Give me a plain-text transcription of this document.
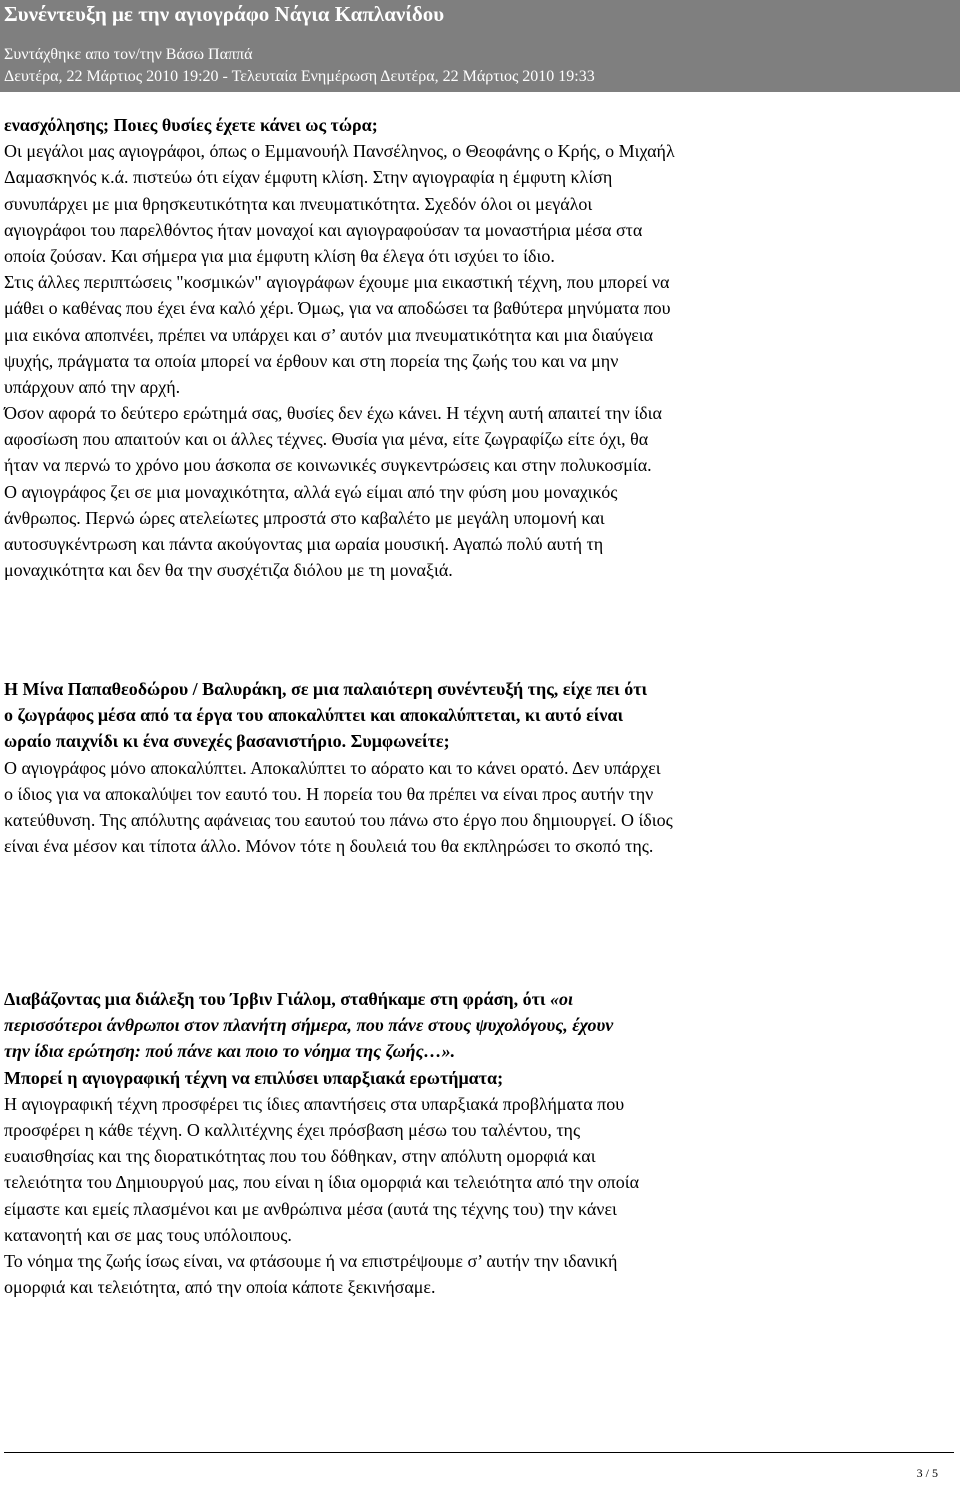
Συνέντευξη με την αγιογράφο Νάγια Καπλανίδου
Συντάχθηκε απο τον/την Βάσω Παππά
Δευτέρα, 22 Μάρτιος 2010 19:20 - Τελευταία Ενημέρωση Δευτέρα, 22 Μάρτιος 2010 19:33
ενασχόλησης; Ποιες θυσίες έχετε κάνει ως τώρα;
Οι μεγάλοι μας αγιογράφοι, όπως ο Εμμανουήλ Πανσέληνος, ο Θεοφάνης ο Κρής, ο Μιχαήλ
Δαμασκηνός κ.ά. πιστεύω ότι είχαν έμφυτη κλίση. Στην αγιογραφία η έμφυτη κλίση
συνυπάρχει με μια θρησκευτικότητα και πνευματικότητα. Σχεδόν όλοι οι μεγάλοι
αγιογράφοι του παρελθόντος ήταν μοναχοί και αγιογραφούσαν τα μοναστήρια μέσα στα
οποία ζούσαν. Και σήμερα για μια έμφυτη κλίση θα έλεγα ότι ισχύει το ίδιο.
Στις άλλες περιπτώσεις "κοσμικών" αγιογράφων έχουμε μια εικαστική τέχνη, που μπορεί να
μάθει ο καθένας που έχει ένα καλό χέρι. Όμως, για να αποδώσει τα βαθύτερα μηνύματα που
μια εικόνα αποπνέει, πρέπει να υπάρχει και σ’ αυτόν μια πνευματικότητα και μια διαύγεια
ψυχής, πράγματα τα οποία μπορεί να έρθουν και στη πορεία της ζωής του και να μην
υπάρχουν από την αρχή.
Όσον αφορά το δεύτερο ερώτημά σας, θυσίες δεν έχω κάνει. Η τέχνη αυτή απαιτεί την ίδια
αφοσίωση που απαιτούν και οι άλλες τέχνες. Θυσία για μένα, είτε ζωγραφίζω είτε όχι, θα
ήταν να περνώ το χρόνο μου άσκοπα σε κοινωνικές συγκεντρώσεις και στην πολυκοσμία.
Ο αγιογράφος ζει σε μια μοναχικότητα, αλλά εγώ είμαι από την φύση μου μοναχικός
άνθρωπος. Περνώ ώρες ατελείωτες μπροστά στο καβαλέτο με μεγάλη υπομονή και
αυτοσυγκέντρωση και πάντα ακούγοντας μια ωραία μουσική. Αγαπώ πολύ αυτή τη
μοναχικότητα και δεν θα την συσχέτιζα διόλου με τη μοναξιά.
Η Μίνα Παπαθεοδώρου / Βαλυράκη, σε μια παλαιότερη συνέντευξή της, είχε πει ότι
ο ζωγράφος μέσα από τα έργα του αποκαλύπτει και αποκαλύπτεται, κι αυτό είναι
ωραίο παιχνίδι κι ένα συνεχές βασανιστήριο. Συμφωνείτε;
Ο αγιογράφος μόνο αποκαλύπτει. Αποκαλύπτει το αόρατο και το κάνει ορατό. Δεν υπάρχει
ο ίδιος για να αποκαλύψει τον εαυτό του. Η πορεία του θα πρέπει να είναι προς αυτήν την
κατεύθυνση. Της απόλυτης αφάνειας του εαυτού του πάνω στο έργο που δημιουργεί. Ο ίδιος
είναι ένα μέσον και τίποτα άλλο. Μόνον τότε η δουλειά του θα εκπληρώσει το σκοπό της.
Διαβάζοντας μια διάλεξη του Ίρβιν Γιάλομ, σταθήκαμε στη φράση, ότι «οι
περισσότεροι άνθρωποι στον πλανήτη σήμερα, που πάνε στους ψυχολόγους, έχουν
την ίδια ερώτηση: πού πάνε και ποιο το νόημα της ζωής…».
Μπορεί η αγιογραφική τέχνη να επιλύσει υπαρξιακά ερωτήματα;
Η αγιογραφική τέχνη προσφέρει τις ίδιες απαντήσεις στα υπαρξιακά προβλήματα που
προσφέρει η κάθε τέχνη. Ο καλλιτέχνης έχει πρόσβαση μέσω του ταλέντου, της
ευαισθησίας και της διορατικότητας που του δόθηκαν, στην απόλυτη ομορφιά και
τελειότητα του Δημιουργού μας, που είναι η ίδια ομορφιά και τελειότητα από την οποία
είμαστε και εμείς πλασμένοι και με ανθρώπινα μέσα (αυτά της τέχνης του) την κάνει
κατανοητή και σε μας τους υπόλοιπους.
Το νόημα της ζωής ίσως είναι, να φτάσουμε ή να επιστρέψουμε σ’ αυτήν την ιδανική
ομορφιά και τελειότητα, από την οποία κάποτε ξεκινήσαμε.
3 / 5
